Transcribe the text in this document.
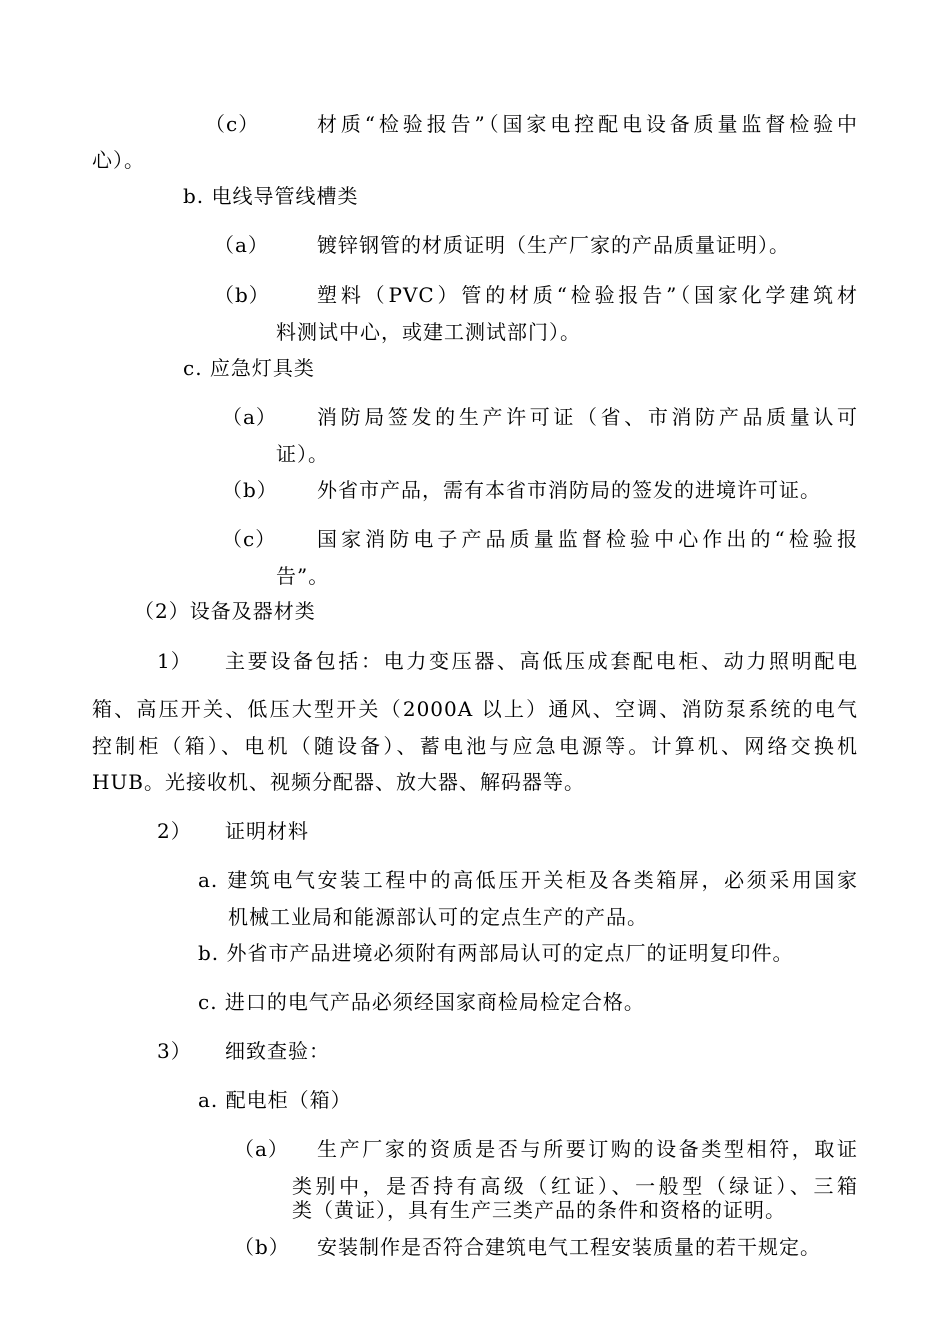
（c）	材质“检验报告”（国家电控配电设备质量监督检验中
心）。
b. 电线导管线槽类
（a） 镀锌钢管的材质证明（生产厂家的产品质量证明）。
（b） 塑料（PVC）管的材质“检验报告”（国家化学建筑材
料测试中心，或建工测试部门）。
c. 应急灯具类
（a） 消防局签发的生产许可证（省、市消防产品质量认可
证）。
（b） 外省市产品，需有本省市消防局的签发的进境许可证。
（c） 国家消防电子产品质量监督检验中心作出的“检验报
告”。
（2）设备及器材类
1） 主要设备包括：电力变压器、高低压成套配电柜、动力照明配电
箱、高压开关、低压大型开关（2000A 以上）通风、空调、消防泵系统的电气
控制柜（箱）、电机（随设备）、蓄电池与应急电源等。计算机、网络交换机
HUB。光接收机、视频分配器、放大器、解码器等。
2） 证明材料
a. 建筑电气安装工程中的高低压开关柜及各类箱屏，必须采用国家
机械工业局和能源部认可的定点生产的产品。
b. 外省市产品进境必须附有两部局认可的定点厂的证明复印件。
c. 进口的电气产品必须经国家商检局检定合格。
3） 细致查验：
a. 配电柜（箱）
（a） 生产厂家的资质是否与所要订购的设备类型相符，取证
类别中，是否持有高级（红证）、一般型（绿证）、三箱
类（黄证），具有生产三类产品的条件和资格的证明。
（b） 安装制作是否符合建筑电气工程安装质量的若干规定。
